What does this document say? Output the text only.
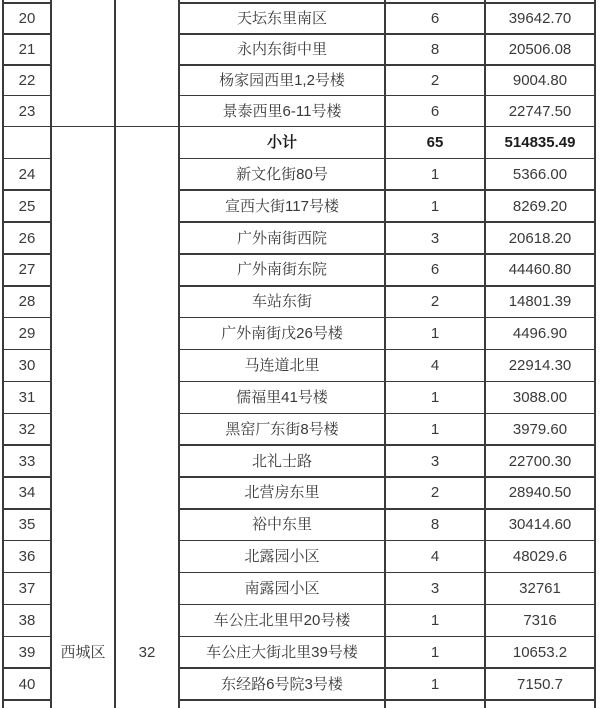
西城区	32
20	天坛东里南区	6	39642.70
21	永内东街中里	8	20506.08
22	杨家园西里1,2号楼	2	9004.80
23	景泰西里6-11号楼	6	22747.50
小计	65	514835.49
24	新文化街80号	1	5366.00
25	宣西大街117号楼	1	8269.20
26	广外南街西院	3	20618.20
27	广外南街东院	6	44460.80
28	车站东街	2	14801.39
29	广外南街戊26号楼	1	4496.90
30	马连道北里	4	22914.30
31	儒福里41号楼	1	3088.00
32	黑窑厂东街8号楼	1	3979.60
33	北礼士路	3	22700.30
34	北营房东里	2	28940.50
35	裕中东里	8	30414.60
36	北露园小区	4	48029.6
37	南露园小区	3	32761
38	车公庄北里甲20号楼	1	7316
39	车公庄大街北里39号楼	1	10653.2
40	东经路6号院3号楼	1	7150.7
